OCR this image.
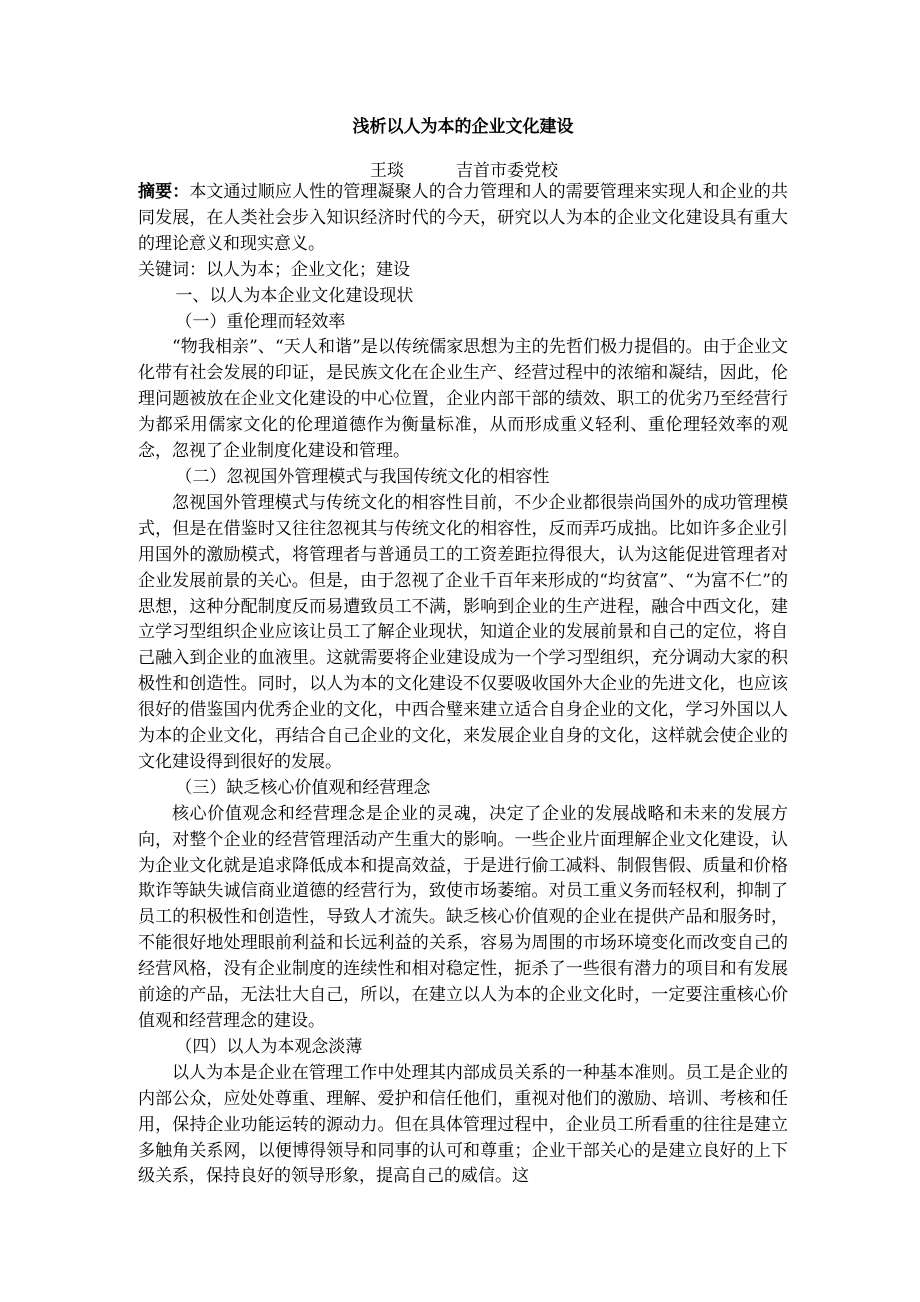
浅析以人为本的企业文化建设
王琰	吉首市委党校

摘要：本文通过顺应人性的管理凝聚人的合力管理和人的需要管理来实现人和企业的共同发展，在人类社会步入知识经济时代的今天，研究以人为本的企业文化建设具有重大的理论意义和现实意义。

关键词：以人为本；企业文化；建设

一、以人为本企业文化建设现状

（一）重伦理而轻效率

“物我相亲”、“天人和谐”是以传统儒家思想为主的先哲们极力提倡的。由于企业文化带有社会发展的印证，是民族文化在企业生产、经营过程中的浓缩和凝结，因此，伦理问题被放在企业文化建设的中心位置，企业内部干部的绩效、职工的优劣乃至经营行为都采用儒家文化的伦理道德作为衡量标准，从而形成重义轻利、重伦理轻效率的观念，忽视了企业制度化建设和管理。

（二）忽视国外管理模式与我国传统文化的相容性

忽视国外管理模式与传统文化的相容性目前，不少企业都很崇尚国外的成功管理模式，但是在借鉴时又往往忽视其与传统文化的相容性，反而弄巧成拙。比如许多企业引用国外的激励模式，将管理者与普通员工的工资差距拉得很大，认为这能促进管理者对企业发展前景的关心。但是，由于忽视了企业千百年来形成的“均贫富”、“为富不仁”的思想，这种分配制度反而易遭致员工不满，影响到企业的生产进程，融合中西文化，建立学习型组织企业应该让员工了解企业现状，知道企业的发展前景和自己的定位，将自己融入到企业的血液里。这就需要将企业建设成为一个学习型组织，充分调动大家的积极性和创造性。同时，以人为本的文化建设不仅要吸收国外大企业的先进文化，也应该很好的借鉴国内优秀企业的文化，中西合璧来建立适合自身企业的文化，学习外国以人为本的企业文化，再结合自己企业的文化，来发展企业自身的文化，这样就会使企业的文化建设得到很好的发展。

（三）缺乏核心价值观和经营理念

核心价值观念和经营理念是企业的灵魂，决定了企业的发展战略和未来的发展方向，对整个企业的经营管理活动产生重大的影响。一些企业片面理解企业文化建设，认为企业文化就是追求降低成本和提高效益，于是进行偷工减料、制假售假、质量和价格欺诈等缺失诚信商业道德的经营行为，致使市场萎缩。对员工重义务而轻权利，抑制了员工的积极性和创造性，导致人才流失。缺乏核心价值观的企业在提供产品和服务时，不能很好地处理眼前利益和长远利益的关系，容易为周围的市场环境变化而改变自己的经营风格，没有企业制度的连续性和相对稳定性，扼杀了一些很有潜力的项目和有发展前途的产品，无法壮大自己，所以，在建立以人为本的企业文化时，一定要注重核心价值观和经营理念的建设。

（四）以人为本观念淡薄

以人为本是企业在管理工作中处理其内部成员关系的一种基本准则。员工是企业的内部公众，应处处尊重、理解、爱护和信任他们，重视对他们的激励、培训、考核和任用，保持企业功能运转的源动力。但在具体管理过程中，企业员工所看重的往往是建立多触角关系网，以便博得领导和同事的认可和尊重；企业干部关心的是建立良好的上下级关系，保持良好的领导形象，提高自己的威信。这
